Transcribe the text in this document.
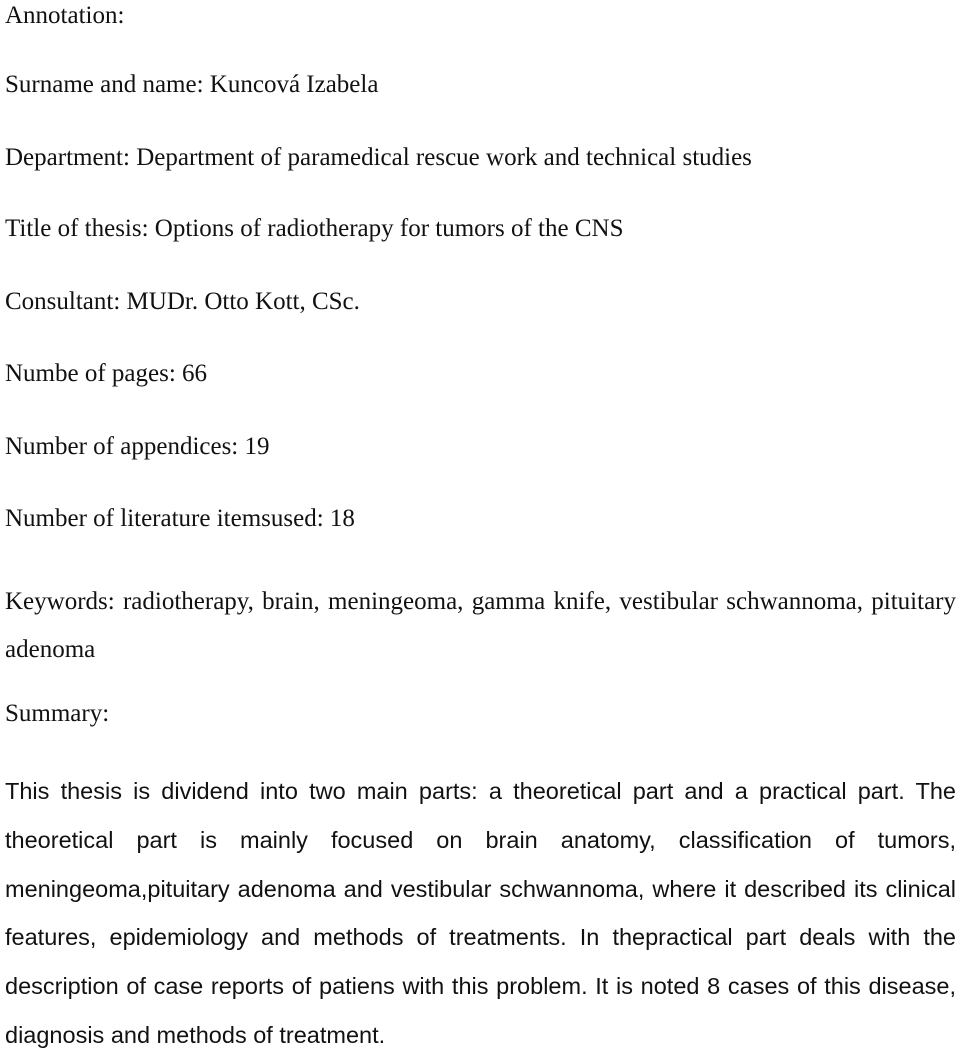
Annotation:
Surname and name: Kuncová Izabela
Department: Department of paramedical rescue work and technical studies
Title of thesis: Options of radiotherapy for tumors of the CNS
Consultant: MUDr. Otto Kott, CSc.
Numbe of pages: 66
Number of appendices: 19
Number of literature itemsused: 18
Keywords: radiotherapy, brain, meningeoma, gamma knife, vestibular schwannoma, pituitary adenoma
Summary:
This thesis is dividend into two main parts: a theoretical part and a practical part. The theoretical part is mainly focused on brain anatomy, classification of tumors, meningeoma,pituitary adenoma and vestibular schwannoma, where it described its clinical features, epidemiology and methods of treatments. In thepractical part deals with the description of case reports of patiens with this problem. It is noted 8 cases of this disease, diagnosis and methods of treatment.
